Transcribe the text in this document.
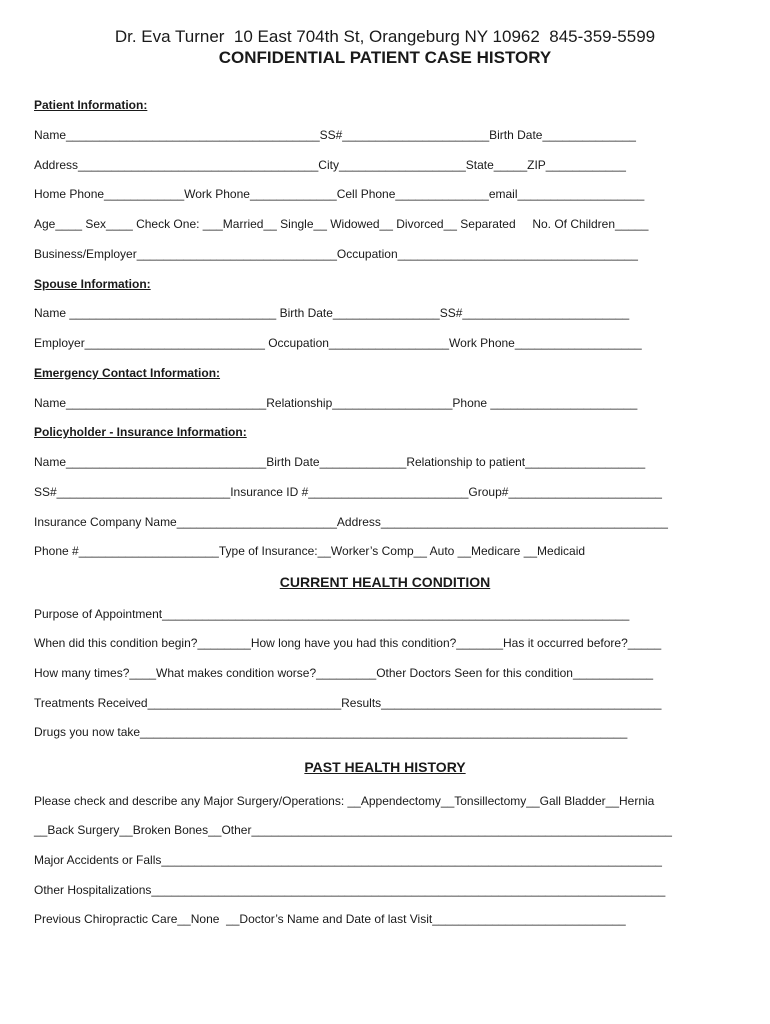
Dr. Eva Turner  10 East 704th St, Orangeburg NY 10962  845-359-5599
CONFIDENTIAL PATIENT CASE HISTORY
Patient Information:
Name______________________________________SS#______________________Birth Date______________
Address____________________________________City___________________State_____ZIP____________
Home Phone____________Work Phone_____________Cell Phone______________email___________________
Age____ Sex____ Check One: ___Married__ Single__ Widowed__ Divorced__ Separated     No. Of Children_____
Business/Employer______________________________Occupation____________________________________
Spouse Information:
Name _______________________________ Birth Date________________SS#_________________________
Employer___________________________ Occupation__________________Work Phone___________________
Emergency Contact Information:
Name______________________________Relationship__________________Phone ______________________
Policyholder - Insurance Information:
Name______________________________Birth Date_____________Relationship to patient__________________
SS#__________________________Insurance ID #________________________Group#_______________________
Insurance Company Name________________________Address___________________________________________
Phone #_____________________Type of Insurance:__Worker’s Comp__ Auto __Medicare __Medicaid
CURRENT HEALTH CONDITION
Purpose of Appointment______________________________________________________________________
When did this condition begin?________How long have you had this condition?_______Has it occurred before?_____
How many times?____What makes condition worse?_________Other Doctors Seen for this condition____________
Treatments Received_____________________________Results__________________________________________
Drugs you now take_________________________________________________________________________
PAST HEALTH HISTORY
Please check and describe any Major Surgery/Operations: __Appendectomy__Tonsillectomy__Gall Bladder__Hernia
__Back Surgery__Broken Bones__Other_______________________________________________________________
Major Accidents or Falls___________________________________________________________________________
Other Hospitalizations_____________________________________________________________________________
Previous Chiropractic Care__None  __Doctor’s Name and Date of last Visit_____________________________
